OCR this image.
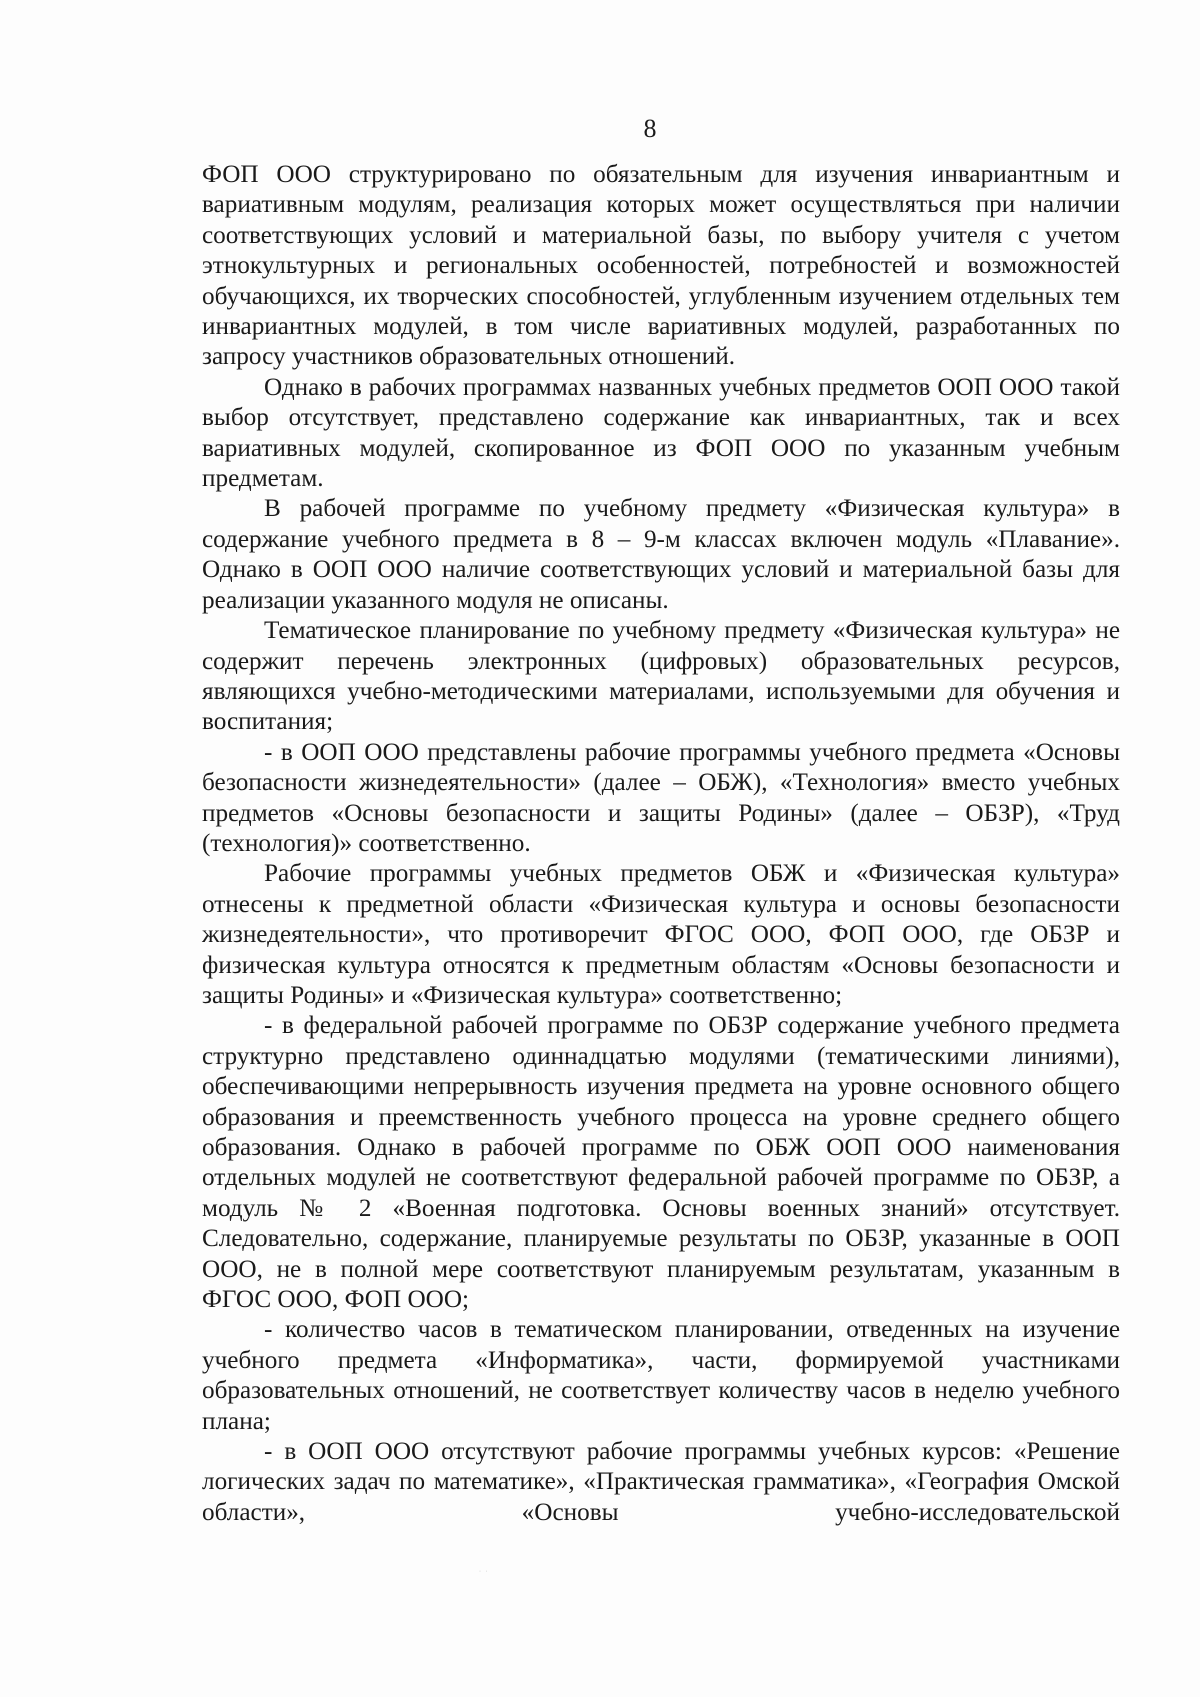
8

ФОП ООО структурировано по обязательным для изучения инвариантным и вариативным модулям, реализация которых может осуществляться при наличии соответствующих условий и материальной базы, по выбору учителя с учетом этнокультурных и региональных особенностей, потребностей и возможностей обучающихся, их творческих способностей, углубленным изучением отдельных тем инвариантных модулей, в том числе вариативных модулей, разработанных по запросу участников образовательных отношений.

Однако в рабочих программах названных учебных предметов ООП ООО такой выбор отсутствует, представлено содержание как инвариантных, так и всех вариативных модулей, скопированное из ФОП ООО по указанным учебным предметам.

В рабочей программе по учебному предмету «Физическая культура» в содержание учебного предмета в 8 – 9-м классах включен модуль «Плавание». Однако в ООП ООО наличие соответствующих условий и материальной базы для реализации указанного модуля не описаны.

Тематическое планирование по учебному предмету «Физическая культура» не содержит перечень электронных (цифровых) образовательных ресурсов, являющихся учебно-методическими материалами, используемыми для обучения и воспитания;

- в ООП ООО представлены рабочие программы учебного предмета «Основы безопасности жизнедеятельности» (далее – ОБЖ), «Технология» вместо учебных предметов «Основы безопасности и защиты Родины» (далее – ОБЗР), «Труд (технология)» соответственно.

Рабочие программы учебных предметов ОБЖ и «Физическая культура» отнесены к предметной области «Физическая культура и основы безопасности жизнедеятельности», что противоречит ФГОС ООО, ФОП ООО, где ОБЗР и физическая культура относятся к предметным областям «Основы безопасности и защиты Родины» и «Физическая культура» соответственно;

- в федеральной рабочей программе по ОБЗР содержание учебного предмета структурно представлено одиннадцатью модулями (тематическими линиями), обеспечивающими непрерывность изучения предмета на уровне основного общего образования и преемственность учебного процесса на уровне среднего общего образования. Однако в рабочей программе по ОБЖ ООП ООО наименования отдельных модулей не соответствуют федеральной рабочей программе по ОБЗР, а модуль № 2 «Военная подготовка. Основы военных знаний» отсутствует. Следовательно, содержание, планируемые результаты по ОБЗР, указанные в ООП ООО, не в полной мере соответствуют планируемым результатам, указанным в ФГОС ООО, ФОП ООО;

- количество часов в тематическом планировании, отведенных на изучение учебного предмета «Информатика», части, формируемой участниками образовательных отношений, не соответствует количеству часов в неделю учебного плана;

- в ООП ООО отсутствуют рабочие программы учебных курсов: «Решение логических задач по математике», «Практическая грамматика», «География Омской области», «Основы учебно-исследовательской

˙ ˙
